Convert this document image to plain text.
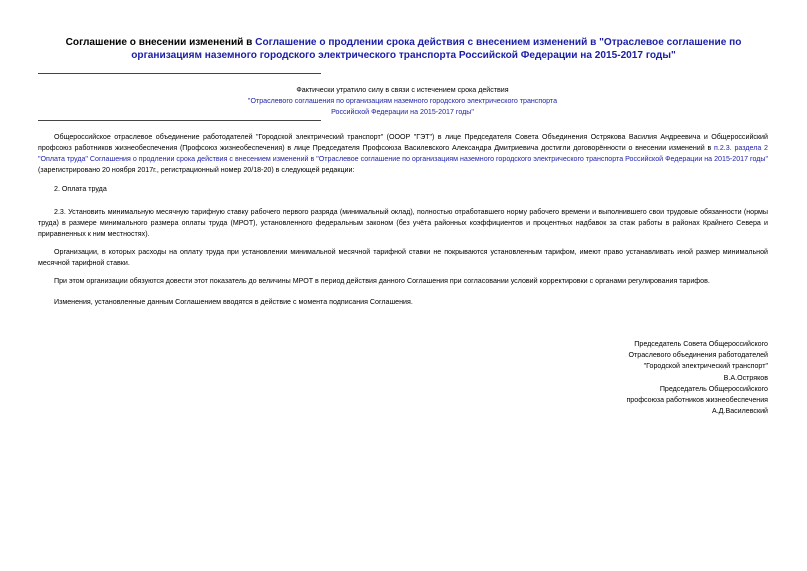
Соглашение о внесении изменений в Соглашение о продлении срока действия с внесением изменений в "Отраслевое соглашение по организациям наземного городского электрического транспорта Российской Федерации на 2015-2017 годы"
Фактически утратило силу в связи с истечением срока действия
"Отраслевого соглашения по организациям наземного городского электрического транспорта
Российской Федерации на 2015-2017 годы"
Общероссийское отраслевое объединение работодателей "Городской электрический транспорт" (ОООР "ГЭТ") в лице Председателя Совета Объединения Острякова Василия Андреевича и Общероссийский профсоюз работников жизнеобеспечения (Профсоюз жизнеобеспечения) в лице Председателя Профсоюза Василевского Александра Дмитриевича достигли договорённости о внесении изменений в п.2.3. раздела 2 "Оплата труда" Соглашения о продлении срока действия с внесением изменений в "Отраслевое соглашение по организациям наземного городского электрического транспорта Российской Федерации на 2015-2017 годы" (зарегистрировано 20 ноября 2017г., регистрационный номер 20/18-20) в следующей редакции:
2. Оплата труда
2.3. Установить минимальную месячную тарифную ставку рабочего первого разряда (минимальный оклад), полностью отработавшего норму рабочего времени и выполнившего свои трудовые обязанности (нормы труда) в размере минимального размера оплаты труда (МРОТ), установленного федеральным законом (без учёта районных коэффициентов и процентных надбавок за стаж работы в районах Крайнего Севера и приравненных к ним местностях).
Организации, в которых расходы на оплату труда при установлении минимальной месячной тарифной ставки не покрываются установленным тарифом, имеют право устанавливать иной размер минимальной месячной тарифной ставки.
При этом организации обязуются довести этот показатель до величины МРОТ в период действия данного Соглашения при согласовании условий корректировки с органами регулирования тарифов.
Изменения, установленные данным Соглашением вводятся в действие с момента подписания Соглашения.
Председатель Совета Общероссийского
Отраслевого объединения работодателей
"Городской электрический транспорт"
В.А.Остряков
Председатель Общероссийского
профсоюза работников жизнеобеспечения
А.Д.Василевский
